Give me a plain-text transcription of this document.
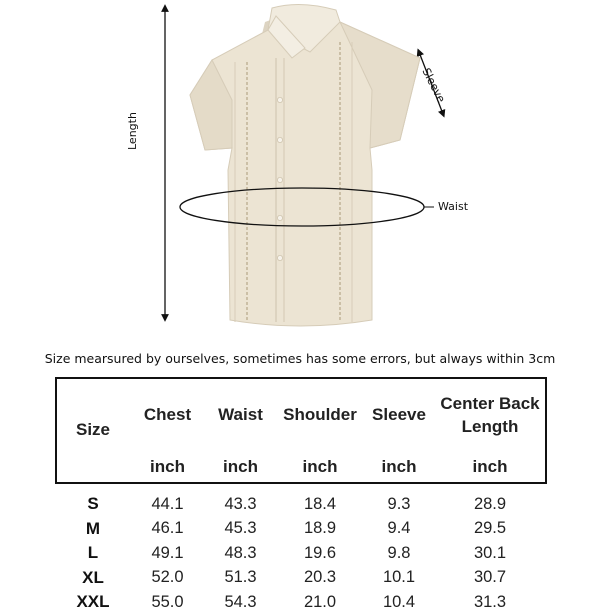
Length
Waist
Sleeve
Size mearsured by ourselves, sometimes has some errors, but always within 3cm
Size	Chest	Waist	Shoulder	Sleeve	Center Back Length
	inch	inch	inch	inch	inch

S	44.1	43.3	18.4	9.3	28.9
M	46.1	45.3	18.9	9.4	29.5
L	49.1	48.3	19.6	9.8	30.1
XL	52.0	51.3	20.3	10.1	30.7
XXL	55.0	54.3	21.0	10.4	31.3
